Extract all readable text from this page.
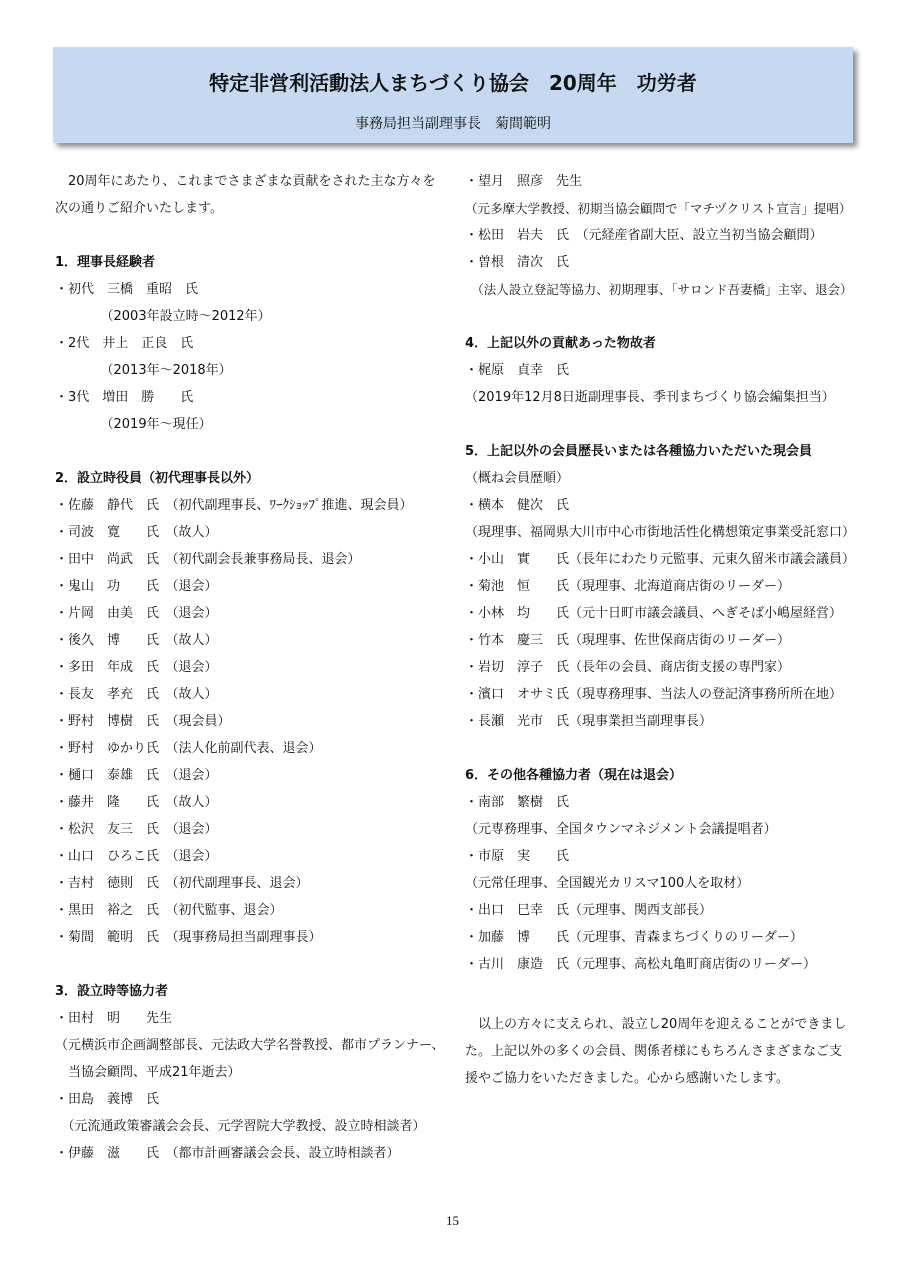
特定非営利活動法人まちづくり協会　20周年　功労者
事務局担当副理事長　菊間範明
　20周年にあたり、これまでさまざまな貢献をされた主な方々を
次の通りご紹介いたします。
1．理事長経験者
・初代　三橋　重昭　氏
　　　　（2003年設立時～2012年）
・2代　井上　正良　氏
　　　　（2013年～2018年）
・3代　増田　勝　　氏
　　　　（2019年～現任）
2．設立時役員（初代理事長以外）
・佐藤　静代　氏　（初代副理事長、ﾜｰｸｼｮｯﾌﾟ推進、現会員）
・司波　寛　　氏　（故人）
・田中　尚武　氏　（初代副会長兼事務局長、退会）
・鬼山　功　　氏　（退会）
・片岡　由美　氏　（退会）
・後久　博　　氏　（故人）
・多田　年成　氏　（退会）
・長友　孝充　氏　（故人）
・野村　博樹　氏　（現会員）
・野村　ゆかり氏　（法人化前副代表、退会）
・樋口　泰雄　氏　（退会）
・藤井　隆　　氏　（故人）
・松沢　友三　氏　（退会）
・山口　ひろこ氏　（退会）
・吉村　徳則　氏　（初代副理事長、退会）
・黒田　裕之　氏　（初代監事、退会）
・菊間　範明　氏　（現事務局担当副理事長）
3．設立時等協力者
・田村　明　　先生
（元横浜市企画調整部長、元法政大学名誉教授、都市プランナー、
　当協会顧問、平成21年逝去）
・田島　義博　氏
　（元流通政策審議会会長、元学習院大学教授、設立時相談者）
・伊藤　滋　　氏　（都市計画審議会会長、設立時相談者）
・望月　照彦　先生
（元多摩大学教授、初期当協会顧問で「マチヅクリスト宣言」提唱）
・松田　岩夫　氏　（元経産省副大臣、設立当初当協会顧問）
・曽根　清次　氏
　（法人設立登記等協力、初期理事、「サロンド吾妻橋」主宰、退会）
4．上記以外の貢献あった物故者
・梶原　貞幸　氏
（2019年12月8日逝副理事長、季刊まちづくり協会編集担当）
5．上記以外の会員歴長いまたは各種協力いただいた現会員
（概ね会員歴順）
・横本　健次　氏
（現理事、福岡県大川市中心市街地活性化構想策定事業受託窓口）
・小山　實　　氏（長年にわたり元監事、元東久留米市議会議員）
・菊池　恒　　氏（現理事、北海道商店街のリーダー）
・小林　均　　氏（元十日町市議会議員、へぎそば小嶋屋経営）
・竹本　慶三　氏（現理事、佐世保商店街のリーダー）
・岩切　淳子　氏（長年の会員、商店街支援の専門家）
・濱口　オサミ氏（現専務理事、当法人の登記済事務所所在地）
・長瀬　光市　氏（現事業担当副理事長）
6．その他各種協力者（現在は退会）
・南部　繁樹　氏
（元専務理事、全国タウンマネジメント会議提唱者）
・市原　実　　氏
（元常任理事、全国観光カリスマ100人を取材）
・出口　巳幸　氏（元理事、関西支部長）
・加藤　博　　氏（元理事、青森まちづくりのリーダー）
・古川　康造　氏（元理事、高松丸亀町商店街のリーダー）
　以上の方々に支えられ、設立し20周年を迎えることができまし
た。上記以外の多くの会員、関係者様にもちろんさまざまなご支
援やご協力をいただきました。心から感謝いたします。
15
